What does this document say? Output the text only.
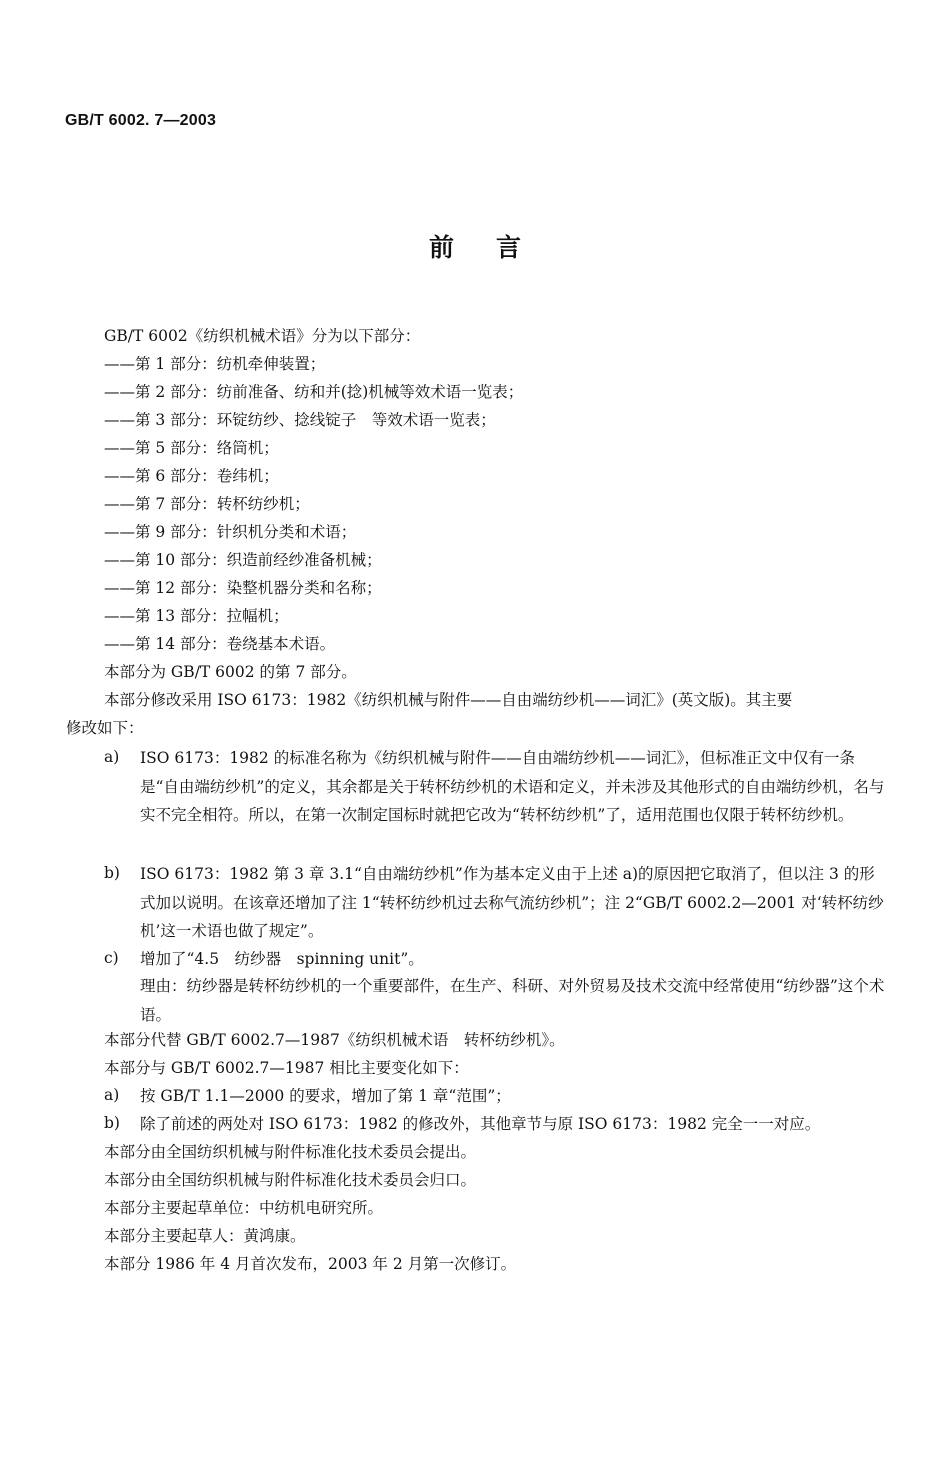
GB/T 6002. 7—2003
前言
GB/T 6002《纺织机械术语》分为以下部分：
——第 1 部分：纺机牵伸装置；
——第 2 部分：纺前准备、纺和并(捻)机械等效术语一览表；
——第 3 部分：环锭纺纱、捻线锭子　等效术语一览表；
——第 5 部分：络筒机；
——第 6 部分：卷纬机；
——第 7 部分：转杯纺纱机；
——第 9 部分：针织机分类和术语；
——第 10 部分：织造前经纱准备机械；
——第 12 部分：染整机器分类和名称；
——第 13 部分：拉幅机；
——第 14 部分：卷绕基本术语。
本部分为 GB/T 6002 的第 7 部分。
本部分修改采用 ISO 6173：1982《纺织机械与附件——自由端纺纱机——词汇》(英文版)。其主要
修改如下：
a) ISO 6173：1982 的标准名称为《纺织机械与附件——自由端纺纱机——词汇》，但标准正文中仅有一条是“自由端纺纱机”的定义，其余都是关于转杯纺纱机的术语和定义，并未涉及其他形式的自由端纺纱机，名与实不完全相符。所以，在第一次制定国标时就把它改为“转杯纺纱机”了，适用范围也仅限于转杯纺纱机。
b) ISO 6173：1982 第 3 章 3.1“自由端纺纱机”作为基本定义由于上述 a)的原因把它取消了，但以注 3 的形式加以说明。在该章还增加了注 1“转杯纺纱机过去称气流纺纱机”；注 2“GB/T 6002.2—2001 对‘转杯纺纱机’这一术语也做了规定”。
c) 增加了“4.5　纺纱器　spinning unit”。
理由：纺纱器是转杯纺纱机的一个重要部件，在生产、科研、对外贸易及技术交流中经常使用“纺纱器”这个术语。
本部分代替 GB/T 6002.7—1987《纺织机械术语　转杯纺纱机》。
本部分与 GB/T 6002.7—1987 相比主要变化如下：
a) 按 GB/T 1.1—2000 的要求，增加了第 1 章“范围”；
b) 除了前述的两处对 ISO 6173：1982 的修改外，其他章节与原 ISO 6173：1982 完全一一对应。
本部分由全国纺织机械与附件标准化技术委员会提出。
本部分由全国纺织机械与附件标准化技术委员会归口。
本部分主要起草单位：中纺机电研究所。
本部分主要起草人：黄鸿康。
本部分 1986 年 4 月首次发布，2003 年 2 月第一次修订。
